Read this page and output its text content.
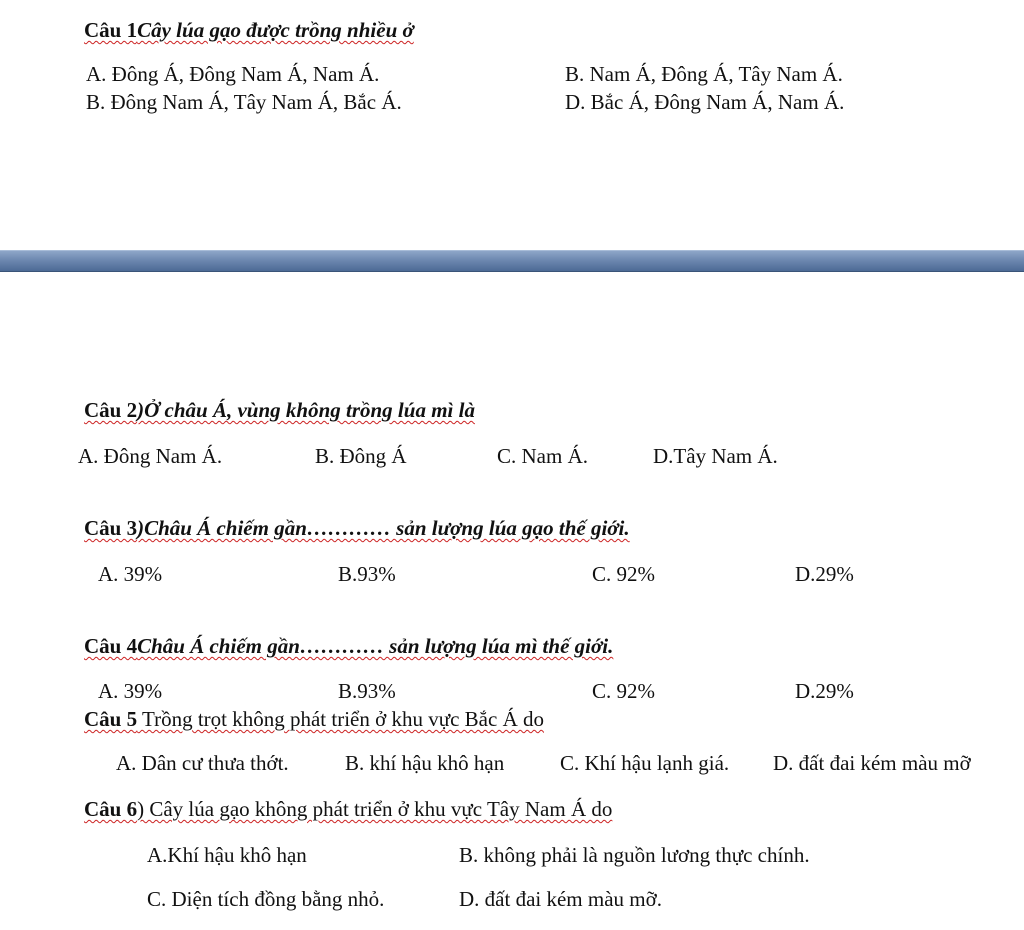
Câu 1Cây lúa gạo được trồng nhiều ở
A. Đông Á, Đông Nam Á, Nam Á.	B. Nam Á, Đông Á, Tây Nam Á.
B. Đông Nam Á, Tây Nam Á, Bắc Á.	D. Bắc Á, Đông Nam Á, Nam Á.
Câu 2)Ở châu Á, vùng không trồng lúa mì là
A. Đông Nam Á.	B. Đông Á	C. Nam Á.	D.Tây Nam Á.
Câu 3)Châu Á chiếm gần………… sản lượng lúa gạo thế giới.
A. 39%	B.93%	C. 92%	D.29%
Câu 4Châu Á chiếm gần………… sản lượng lúa mì thế giới.
A. 39%	B.93%	C. 92%	D.29%
Câu 5 Trồng trọt không phát triển ở khu vực Bắc Á do
A. Dân cư thưa thớt.	B. khí hậu khô hạn	C. Khí hậu lạnh giá. D. đất đai kém màu mỡ
Câu 6) Cây lúa gạo không phát triển ở khu vực Tây Nam Á do
A.Khí hậu khô hạn	B. không phải là nguồn lương thực chính.
C. Diện tích đồng bằng nhỏ.	D. đất đai kém màu mỡ.
